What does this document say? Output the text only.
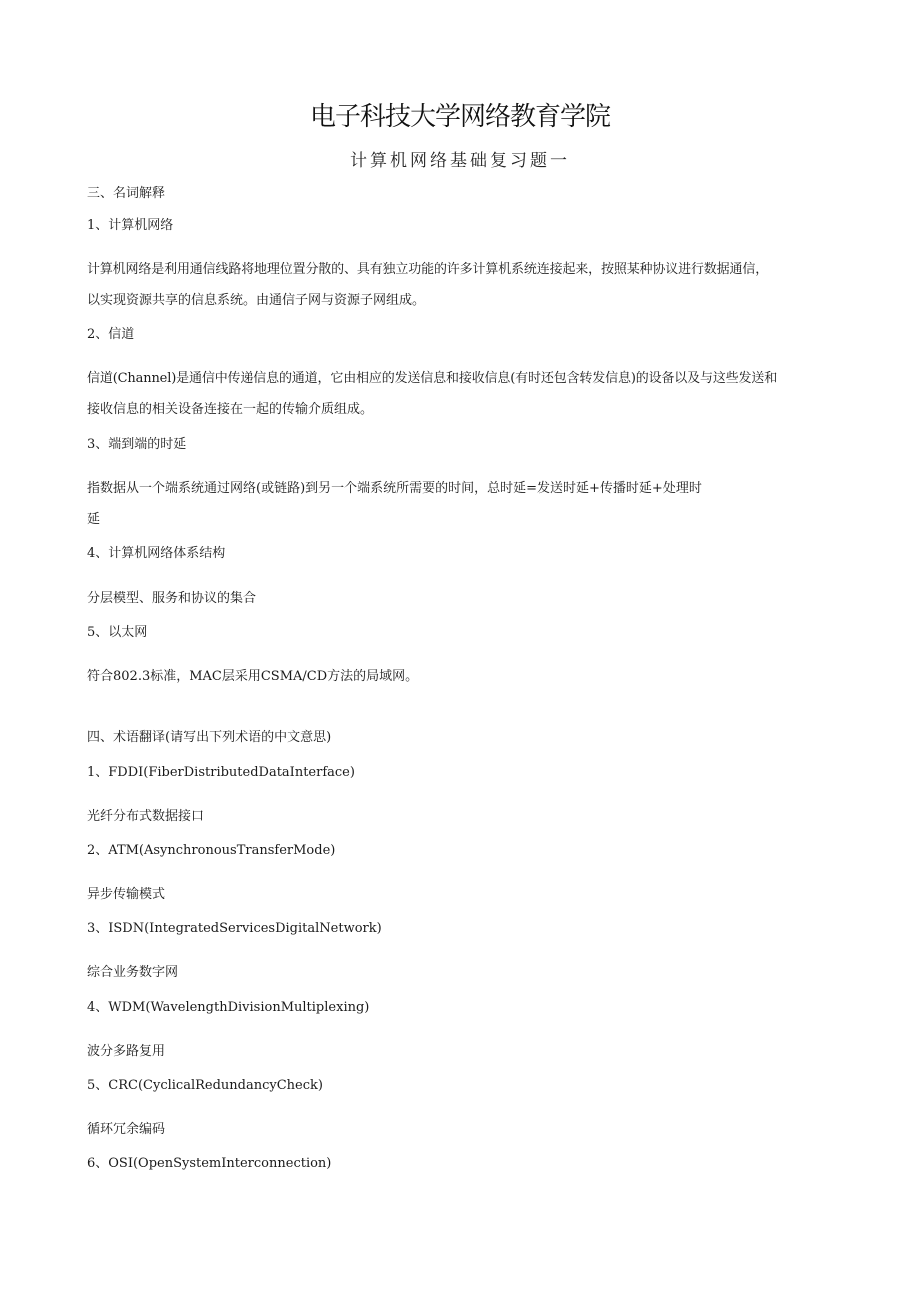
电子科技大学网络教育学院
计算机网络基础复习题一
三、名词解释
1、计算机网络
计算机网络是利用通信线路将地理位置分散的、具有独立功能的许多计算机系统连接起来，按照某种协议进行数据通信，
以实现资源共享的信息系统。由通信子网与资源子网组成。
2、信道
信道(Channel)是通信中传递信息的通道，它由相应的发送信息和接收信息(有时还包含转发信息)的设备以及与这些发送和
接收信息的相关设备连接在一起的传输介质组成。
3、端到端的时延
指数据从一个端系统通过网络(或链路)到另一个端系统所需要的时间，总时延=发送时延+传播时延+处理时
延
4、计算机网络体系结构
分层模型、服务和协议的集合
5、以太网
符合802.3标准，MAC层采用CSMA/CD方法的局域网。
四、术语翻译(请写出下列术语的中文意思)
1、FDDI(FiberDistributedDataInterface)
光纤分布式数据接口
2、ATM(AsynchronousTransferMode)
异步传输模式
3、ISDN(IntegratedServicesDigitalNetwork)
综合业务数字网
4、WDM(WavelengthDivisionMultiplexing)
波分多路复用
5、CRC(CyclicalRedundancyCheck)
循环冗余编码
6、OSI(OpenSystemInterconnection)
